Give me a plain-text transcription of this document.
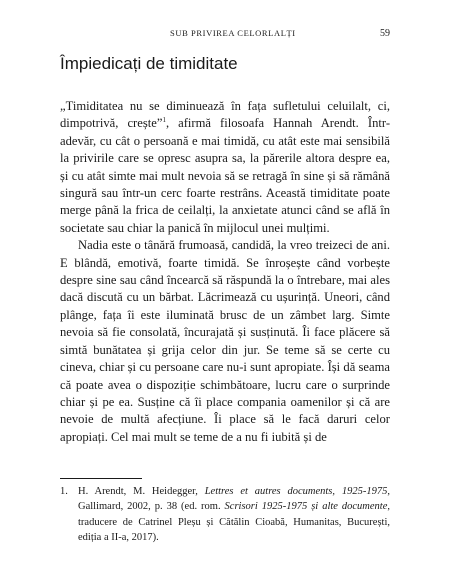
SUB PRIVIREA CELORLALȚI	59
Împiedicați de timiditate

„Timiditatea nu se diminuează în fața sufletului celuilalt, ci, dimpotrivă, crește”$^1$, afirmă filosoafa Hannah Arendt. Într-adevăr, cu cât o persoană e mai timidă, cu atât este mai sensibilă la privirile care se opresc asupra sa, la părerile altora despre ea, și cu atât simte mai mult nevoia să se retragă în sine și să rămână singură sau într-un cerc foarte restrâns. Această timiditate poate merge până la frica de ceilalți, la anxietate atunci când se află în societate sau chiar la panică în mijlocul unei mulțimi.

Nadia este o tânără frumoasă, candidă, la vreo treizeci de ani. E blândă, emotivă, foarte timidă. Se înroșește când vorbește despre sine sau când încearcă să răspundă la o întrebare, mai ales dacă discută cu un bărbat. Lăcrimează cu ușurință. Uneori, când plânge, fața îi este iluminată brusc de un zâmbet larg. Simte nevoia să fie consolată, încurajată și susținută. Îi face plăcere să simtă bunătatea și grija celor din jur. Se teme să se certe cu cineva, chiar și cu persoane care nu-i sunt apropiate. Își dă seama că poate avea o dispoziție schimbătoare, lucru care o surprinde chiar și pe ea. Susține că îi place compania oamenilor și că are nevoie de multă afecțiune. Îi place să le facă daruri celor apropiați. Cel mai mult se teme de a nu fi iubită și de

1. H. Arendt, M. Heidegger, Lettres et autres documents, 1925-1975, Gallimard, 2002, p. 38 (ed. rom. Scrisori 1925-1975 și alte documente, traducere de Catrinel Pleșu și Cătălin Cioabă, Humanitas, București, ediția a II-a, 2017).
